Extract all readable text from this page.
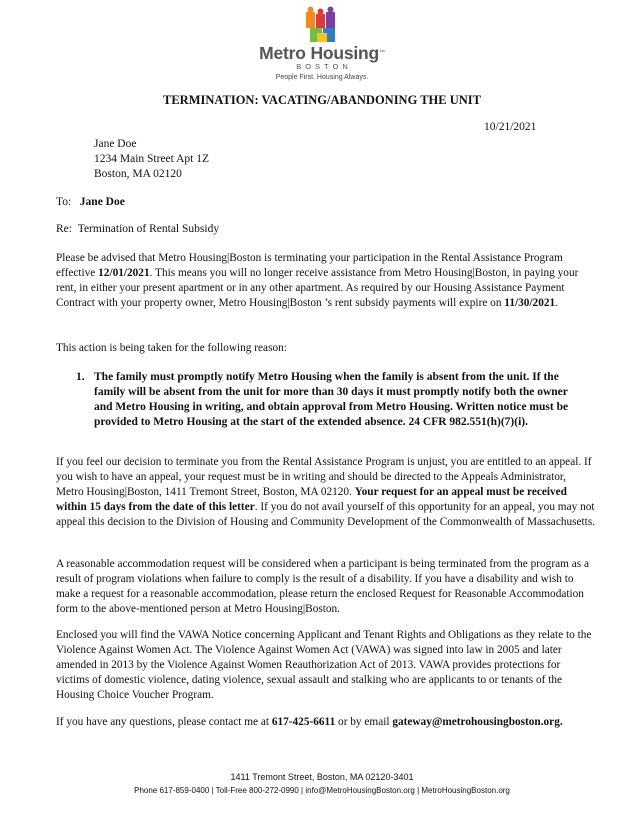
Metro Housing™
BOSTON
People First. Housing Always.
TERMINATION: VACATING/ABANDONING THE UNIT
10/21/2021
Jane Doe
1234 Main Street Apt 1Z
Boston, MA 02120
To: Jane Doe
Re: Termination of Rental Subsidy
Please be advised that Metro Housing|Boston is terminating your participation in the Rental Assistance Program effective 12/01/2021. This means you will no longer receive assistance from Metro Housing|Boston, in paying your rent, in either your present apartment or in any other apartment. As required by our Housing Assistance Payment Contract with your property owner, Metro Housing|Boston ’s rent subsidy payments will expire on 11/30/2021.
This action is being taken for the following reason:
1. The family must promptly notify Metro Housing when the family is absent from the unit. If the family will be absent from the unit for more than 30 days it must promptly notify both the owner and Metro Housing in writing, and obtain approval from Metro Housing. Written notice must be provided to Metro Housing at the start of the extended absence. 24 CFR 982.551(h)(7)(i).
If you feel our decision to terminate you from the Rental Assistance Program is unjust, you are entitled to an appeal. If you wish to have an appeal, your request must be in writing and should be directed to the Appeals Administrator, Metro Housing|Boston, 1411 Tremont Street, Boston, MA 02120. Your request for an appeal must be received within 15 days from the date of this letter. If you do not avail yourself of this opportunity for an appeal, you may not appeal this decision to the Division of Housing and Community Development of the Commonwealth of Massachusetts.
A reasonable accommodation request will be considered when a participant is being terminated from the program as a result of program violations when failure to comply is the result of a disability. If you have a disability and wish to make a request for a reasonable accommodation, please return the enclosed Request for Reasonable Accommodation form to the above-mentioned person at Metro Housing|Boston.
Enclosed you will find the VAWA Notice concerning Applicant and Tenant Rights and Obligations as they relate to the Violence Against Women Act. The Violence Against Women Act (VAWA) was signed into law in 2005 and later amended in 2013 by the Violence Against Women Reauthorization Act of 2013. VAWA provides protections for victims of domestic violence, dating violence, sexual assault and stalking who are applicants to or tenants of the Housing Choice Voucher Program.
If you have any questions, please contact me at 617-425-6611 or by email gateway@metrohousingboston.org.
1411 Tremont Street, Boston, MA 02120-3401
Phone 617-859-0400 | Toll-Free 800-272-0990 | info@MetroHousingBoston.org | MetroHousingBoston.org
